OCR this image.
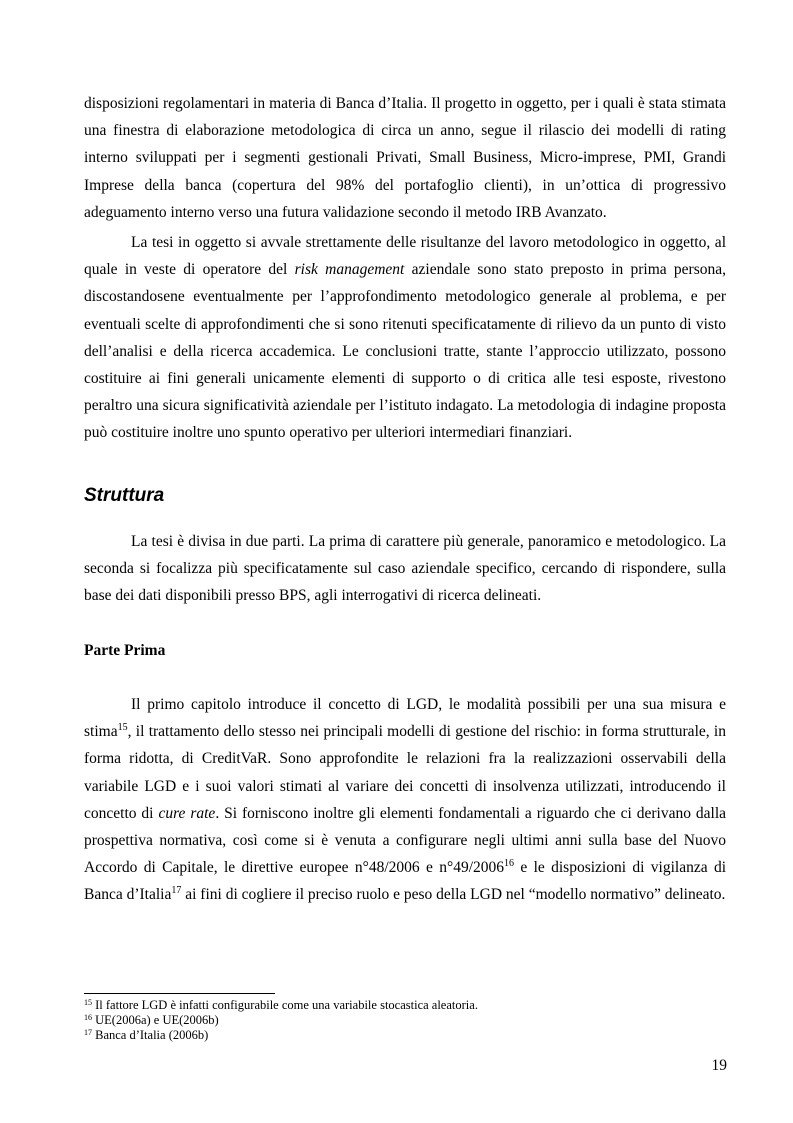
disposizioni regolamentari in materia di Banca d’Italia. Il progetto in oggetto, per i quali è stata stimata una finestra di elaborazione metodologica di circa un anno, segue il rilascio dei modelli di rating interno sviluppati per i segmenti gestionali Privati, Small Business, Micro-imprese, PMI, Grandi Imprese della banca (copertura del 98% del portafoglio clienti), in un’ottica di progressivo adeguamento interno verso una futura validazione secondo il metodo IRB Avanzato.

La tesi in oggetto si avvale strettamente delle risultanze del lavoro metodologico in oggetto, al quale in veste di operatore del risk management aziendale sono stato preposto in prima persona, discostandosene eventualmente per l’approfondimento metodologico generale al problema, e per eventuali scelte di approfondimenti che si sono ritenuti specificatamente di rilievo da un punto di visto dell’analisi e della ricerca accademica. Le conclusioni tratte, stante l’approccio utilizzato, possono costituire ai fini generali unicamente elementi di supporto o di critica alle tesi esposte, rivestono peraltro una sicura significatività aziendale per l’istituto indagato. La metodologia di indagine proposta può costituire inoltre uno spunto operativo per ulteriori intermediari finanziari.

Struttura

La tesi è divisa in due parti. La prima di carattere più generale, panoramico e metodologico. La seconda si focalizza più specificatamente sul caso aziendale specifico, cercando di rispondere, sulla base dei dati disponibili presso BPS, agli interrogativi di ricerca delineati.

Parte Prima

Il primo capitolo introduce il concetto di LGD, le modalità possibili per una sua misura e stima$^{15}$, il trattamento dello stesso nei principali modelli di gestione del rischio: in forma strutturale, in forma ridotta, di CreditVaR. Sono approfondite le relazioni fra la realizzazioni osservabili della variabile LGD e i suoi valori stimati al variare dei concetti di insolvenza utilizzati, introducendo il concetto di cure rate. Si forniscono inoltre gli elementi fondamentali a riguardo che ci derivano dalla prospettiva normativa, così come si è venuta a configurare negli ultimi anni sulla base del Nuovo Accordo di Capitale, le direttive europee n°48/2006 e n°49/2006$^{16}$ e le disposizioni di vigilanza di Banca d’Italia$^{17}$ ai fini di cogliere il preciso ruolo e peso della LGD nel “modello normativo” delineato.

$^{15}$ Il fattore LGD è infatti configurabile come una variabile stocastica aleatoria.

$^{16}$ UE(2006a) e UE(2006b)

$^{17}$ Banca d’Italia (2006b)

19
